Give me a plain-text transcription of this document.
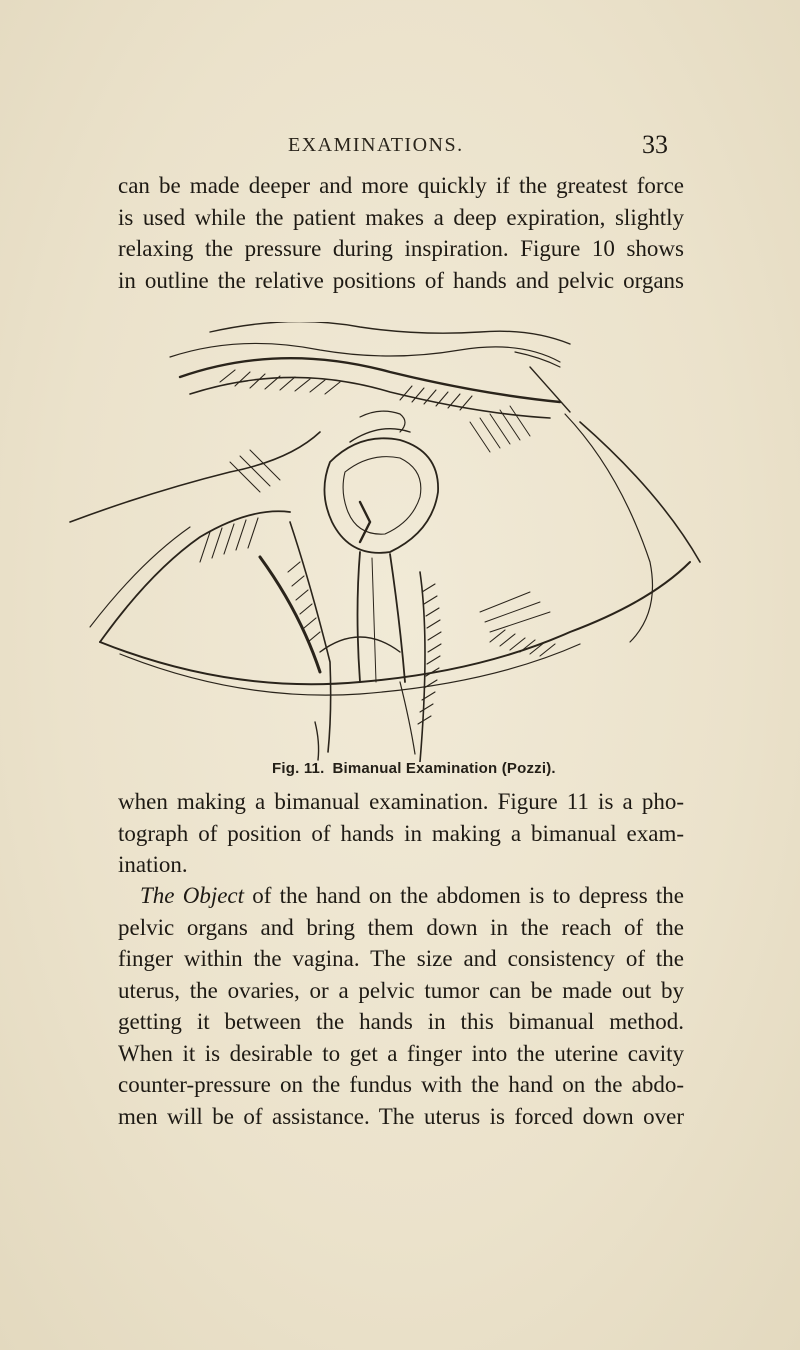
EXAMINATIONS.	33

can be made deeper and more quickly if the greatest force
is used while the patient makes a deep expiration, slightly
relaxing the pressure during inspiration. Figure 10 shows
in outline the relative positions of hands and pelvic organs

Fig. 11. Bimanual Examination (Pozzi).

when making a bimanual examination. Figure 11 is a pho-
tograph of position of hands in making a bimanual exam-
ination.

The Object of the hand on the abdomen is to depress the
pelvic organs and bring them down in the reach of the
finger within the vagina. The size and consistency of the
uterus, the ovaries, or a pelvic tumor can be made out by
getting it between the hands in this bimanual method.
When it is desirable to get a finger into the uterine cavity
counter-pressure on the fundus with the hand on the abdo-
men will be of assistance. The uterus is forced down over
